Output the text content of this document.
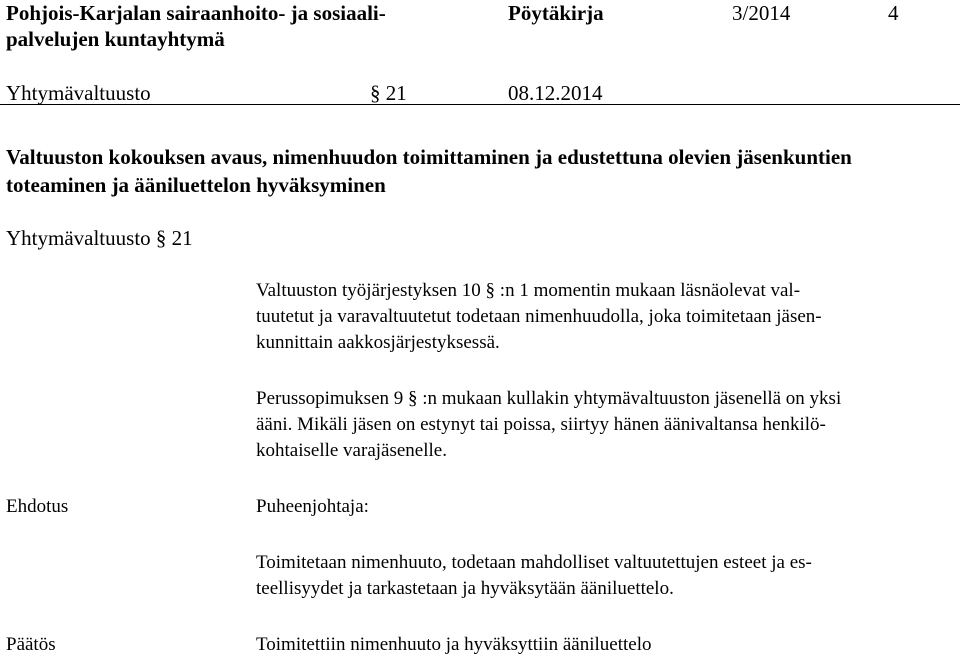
Pohjois-Karjalan sairaanhoito- ja sosiaali-
palvelujen kuntayhtymä
Pöytäkirja	3/2014	4
Yhtymävaltuusto	§ 21	08.12.2014
Valtuuston kokouksen avaus, nimenhuudon toimittaminen ja edustettuna olevien jäsenkuntien
toteaminen ja ääniluettelon hyväksyminen
Yhtymävaltuusto § 21
Valtuuston työjärjestyksen 10 § :n 1 momentin mukaan läsnäolevat val-
tuutetut ja varavaltuutetut todetaan nimenhuudolla, joka toimitetaan jäsen-
kunnittain aakkosjärjestyksessä.
Perussopimuksen 9 § :n mukaan kullakin yhtymävaltuuston jäsenellä on yksi
ääni. Mikäli jäsen on estynyt tai poissa, siirtyy hänen äänivaltansa henkilö-
kohtaiselle varajäsenelle.
Ehdotus	Puheenjohtaja:
Toimitetaan nimenhuuto, todetaan mahdolliset valtuutettujen esteet ja es-
teellisyydet ja tarkastetaan ja hyväksytään ääniluettelo.
Päätös	Toimitettiin nimenhuuto ja hyväksyttiin ääniluettelo
